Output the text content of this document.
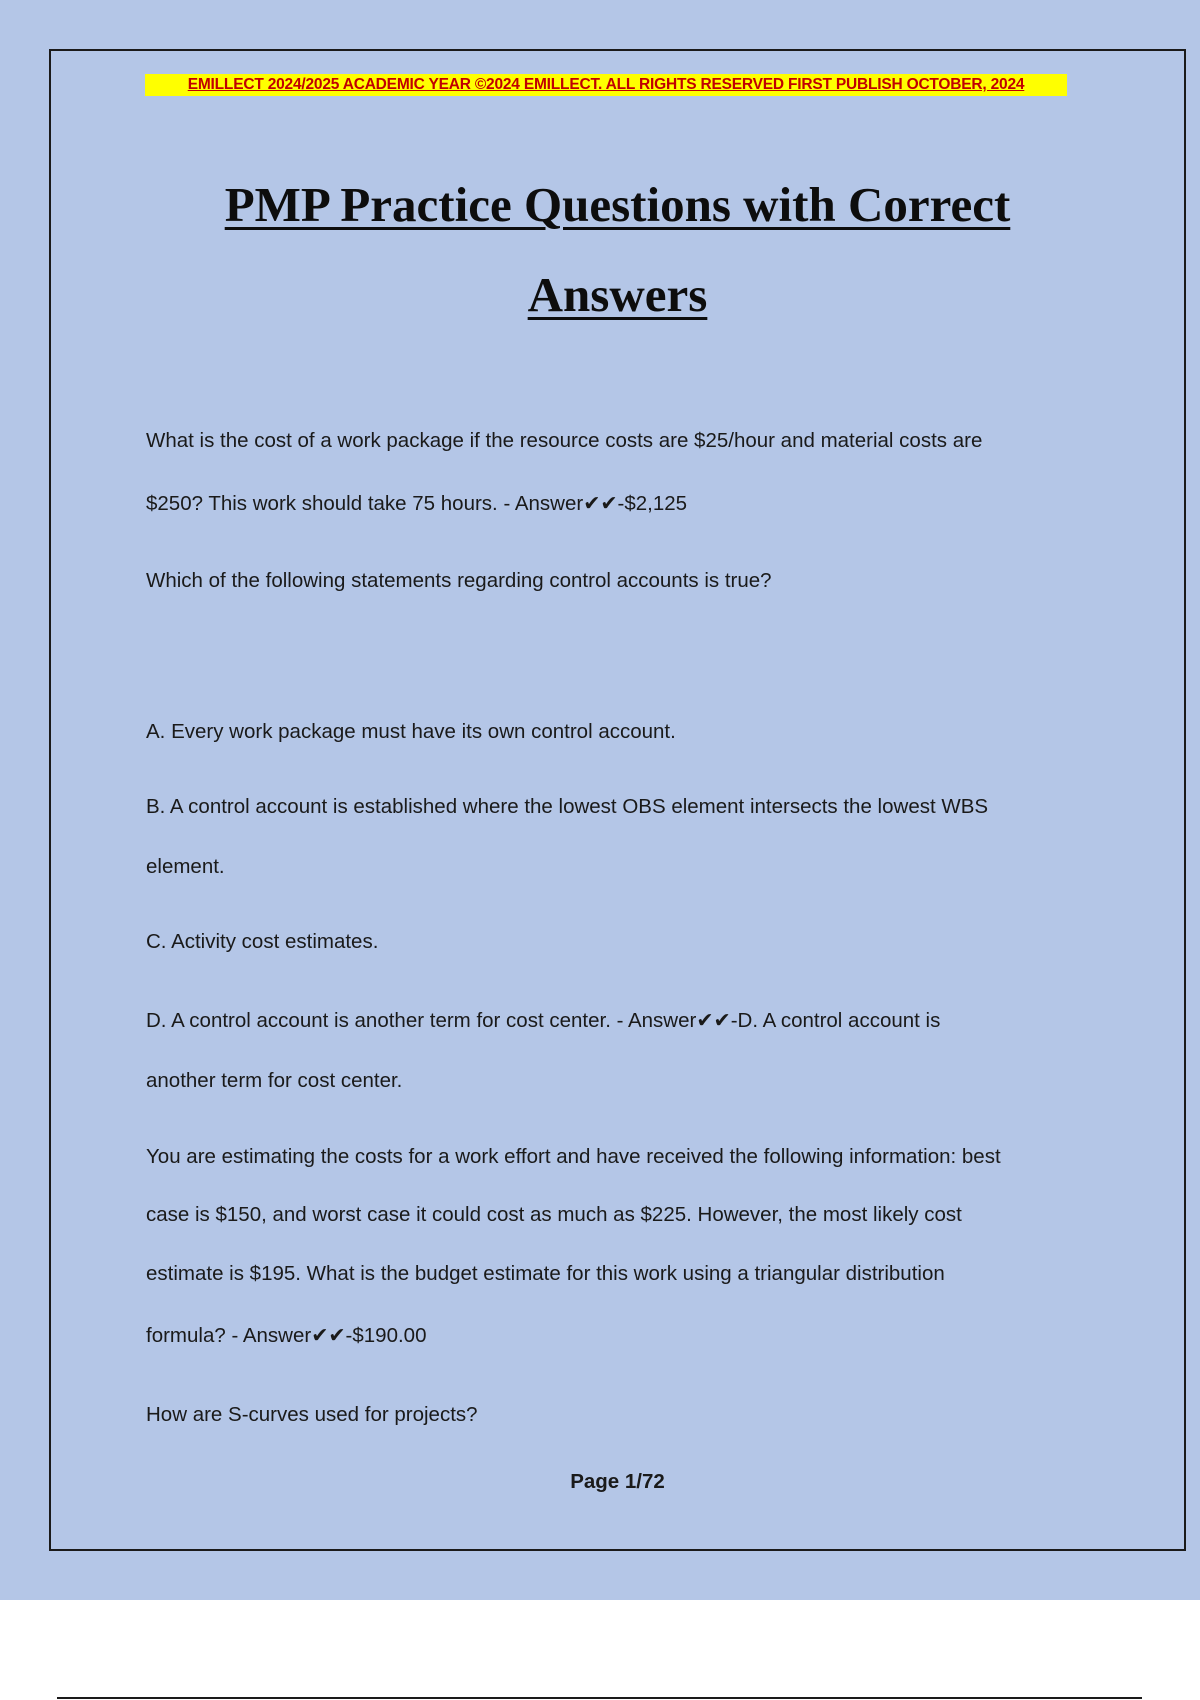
EMILLECT 2024/2025 ACADEMIC YEAR ©2024 EMILLECT. ALL RIGHTS RESERVED FIRST PUBLISH OCTOBER, 2024
PMP Practice Questions with Correct
Answers

What is the cost of a work package if the resource costs are $25/hour and material costs are

$250? This work should take 75 hours. - Answer✔✔-$2,125

Which of the following statements regarding control accounts is true?

A. Every work package must have its own control account.

B. A control account is established where the lowest OBS element intersects the lowest WBS

element.

C. Activity cost estimates.

D. A control account is another term for cost center. - Answer✔✔-D. A control account is

another term for cost center.

You are estimating the costs for a work effort and have received the following information: best

case is $150, and worst case it could cost as much as $225. However, the most likely cost

estimate is $195. What is the budget estimate for this work using a triangular distribution

formula? - Answer✔✔-$190.00

How are S-curves used for projects?

Page 1/72
